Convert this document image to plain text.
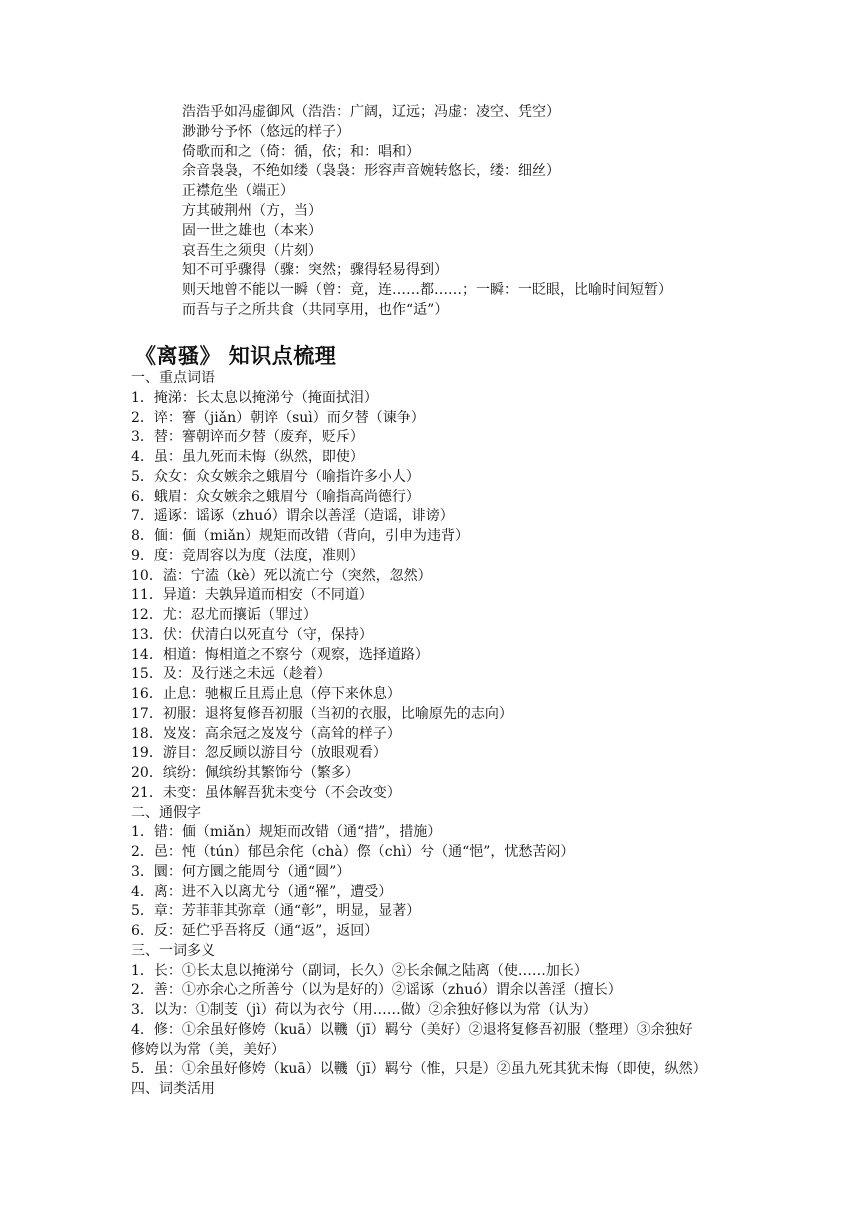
浩浩乎如冯虚御风（浩浩：广阔，辽远；冯虚：凌空、凭空）
渺渺兮予怀（悠远的样子）
倚歌而和之（倚：循，依；和：唱和）
余音袅袅，不绝如缕（袅袅：形容声音婉转悠长，缕：细丝）
正襟危坐（端正）
方其破荆州（方，当）
固一世之雄也（本来）
哀吾生之须臾（片刻）
知不可乎骤得（骤：突然；骤得轻易得到）
则天地曾不能以一瞬（曾：竟，连……都……；一瞬：一眨眼，比喻时间短暂）
而吾与子之所共食（共同享用，也作“适”）
《离骚》 知识点梳理
一、重点词语
1．掩涕：长太息以掩涕兮（掩面拭泪）
2．谇：謇（jiǎn）朝谇（suì）而夕替（谏争）
3．替：謇朝谇而夕替（废弃，贬斥）
4．虽：虽九死而未悔（纵然，即使）
5．众女：众女嫉余之蛾眉兮（喻指许多小人）
6．蛾眉：众女嫉余之蛾眉兮（喻指高尚德行）
7．遥诼：谣诼（zhuó）谓余以善淫（造谣，诽谤）
8．偭：偭（miǎn）规矩而改错（背向，引申为违背）
9．度：竞周容以为度（法度，准则）
10．溘：宁溘（kè）死以流亡兮（突然，忽然）
11．异道：夫孰异道而相安（不同道）
12．尤：忍尤而攘诟（罪过）
13．伏：伏清白以死直兮（守，保持）
14．相道：悔相道之不察兮（观察，选择道路）
15．及：及行迷之未远（趁着）
16．止息：驰椒丘且焉止息（停下来休息）
17．初服：退将复修吾初服（当初的衣服，比喻原先的志向）
18．岌岌：高余冠之岌岌兮（高耸的样子）
19．游目：忽反顾以游目兮（放眼观看）
20．缤纷：佩缤纷其繁饰兮（繁多）
21．未变：虽体解吾犹未变兮（不会改变）
二、通假字
1．错：偭（miǎn）规矩而改错（通“措”，措施）
2．邑：忳（tún）郁邑余侘（chà）傺（chì）兮（通“悒”，忧愁苦闷）
3．圜：何方圜之能周兮（通“圆”）
4．离：进不入以离尤兮（通“罹”，遭受）
5．章：芳菲菲其弥章（通“彰”，明显，显著）
6．反：延伫乎吾将反（通“返”，返回）
三、一词多义
1．长：①长太息以掩涕兮（副词，长久）②长余佩之陆离（使……加长）
2．善：①亦余心之所善兮（以为是好的）②谣诼（zhuó）谓余以善淫（擅长）
3．以为：①制芰（jì）荷以为衣兮（用……做）②余独好修以为常（认为）
4．修：①余虽好修姱（kuā）以鞿（jī）羁兮（美好）②退将复修吾初服（整理）③余独好
修姱以为常（美，美好）
5．虽：①余虽好修姱（kuā）以鞿（jī）羁兮（惟，只是）②虽九死其犹未悔（即使，纵然）
四、词类活用
